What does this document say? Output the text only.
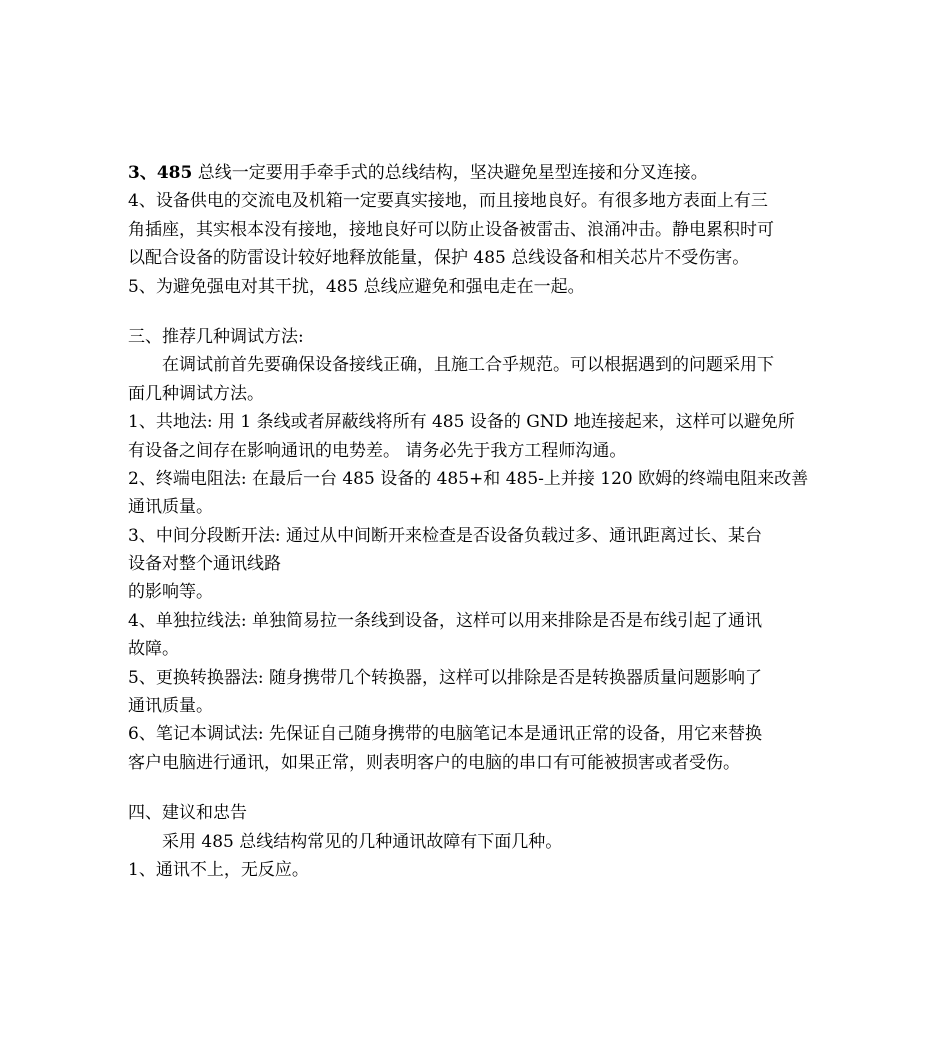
3、485 总线一定要用手牵手式的总线结构，坚决避免星型连接和分叉连接。
4、设备供电的交流电及机箱一定要真实接地，而且接地良好。有很多地方表面上有三
角插座，其实根本没有接地，接地良好可以防止设备被雷击、浪涌冲击。静电累积时可
以配合设备的防雷设计较好地释放能量，保护 485 总线设备和相关芯片不受伤害。
5、为避免强电对其干扰，485 总线应避免和强电走在一起。
三、推荐几种调试方法:
在调试前首先要确保设备接线正确，且施工合乎规范。可以根据遇到的问题采用下
面几种调试方法。
1、共地法: 用 1 条线或者屏蔽线将所有 485 设备的 GND 地连接起来，这样可以避免所
有设备之间存在影响通讯的电势差。 请务必先于我方工程师沟通。
2、终端电阻法: 在最后一台 485 设备的 485+和 485-上并接 120 欧姆的终端电阻来改善
通讯质量。
3、中间分段断开法: 通过从中间断开来检查是否设备负载过多、通讯距离过长、某台
设备对整个通讯线路
的影响等。
4、单独拉线法: 单独简易拉一条线到设备，这样可以用来排除是否是布线引起了通讯
故障。
5、更换转换器法: 随身携带几个转换器，这样可以排除是否是转换器质量问题影响了
通讯质量。
6、笔记本调试法: 先保证自己随身携带的电脑笔记本是通讯正常的设备，用它来替换
客户电脑进行通讯，如果正常，则表明客户的电脑的串口有可能被损害或者受伤。
四、建议和忠告
采用 485 总线结构常见的几种通讯故障有下面几种。
1、通讯不上，无反应。
